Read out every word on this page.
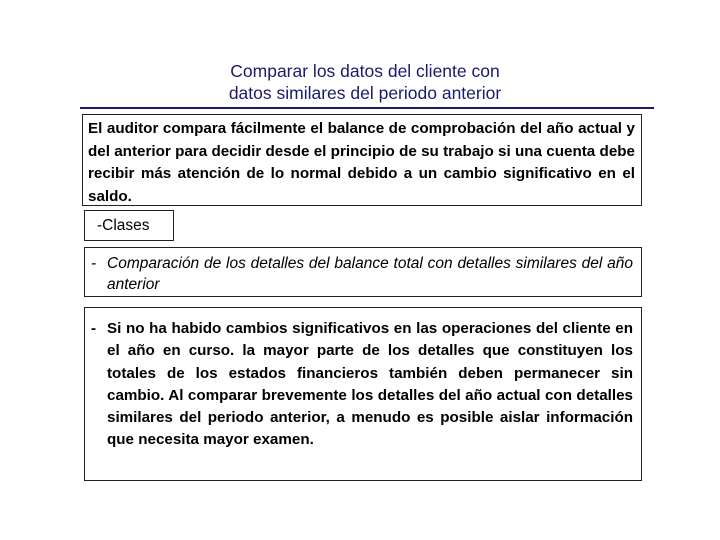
Comparar los datos del cliente con
datos similares del periodo anterior
El auditor compara fácilmente el balance de comprobación del año actual y del anterior para decidir desde el principio de su trabajo si una cuenta debe recibir más atención de lo normal debido a un cambio significativo en el saldo.
-Clases
- Comparación de los detalles del balance total con detalles similares del año anterior
- Si no ha habido cambios significativos en las operaciones del cliente en el año en curso. la mayor parte de los detalles que constituyen los totales de los estados financieros también deben permanecer sin cambio. Al comparar brevemente los detalles del año actual con detalles similares del periodo anterior, a menudo es posible aislar información que necesita mayor examen.
